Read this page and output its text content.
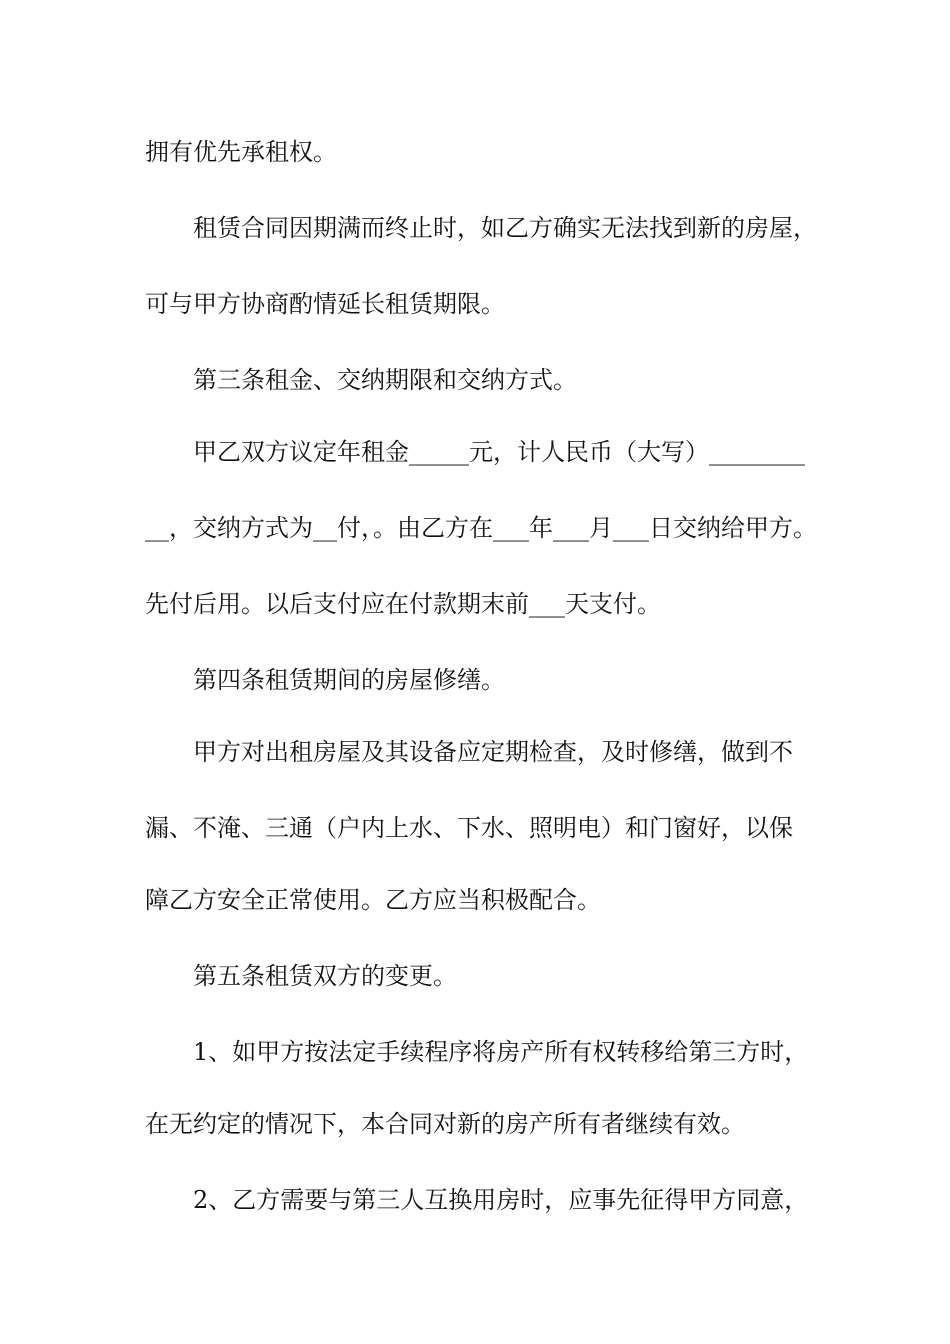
拥有优先承租权。
租赁合同因期满而终止时，如乙方确实无法找到新的房屋，
可与甲方协商酌情延长租赁期限。
第三条租金、交纳期限和交纳方式。
甲乙双方议定年租金_____元，计人民币（大写）________
__，交纳方式为__付，。由乙方在___年___月___日交纳给甲方。
先付后用。以后支付应在付款期末前___天支付。
第四条租赁期间的房屋修缮。
甲方对出租房屋及其设备应定期检查，及时修缮，做到不
漏、不淹、三通（户内上水、下水、照明电）和门窗好，以保
障乙方安全正常使用。乙方应当积极配合。
第五条租赁双方的变更。
1、如甲方按法定手续程序将房产所有权转移给第三方时，
在无约定的情况下，本合同对新的房产所有者继续有效。
2、乙方需要与第三人互换用房时，应事先征得甲方同意，
